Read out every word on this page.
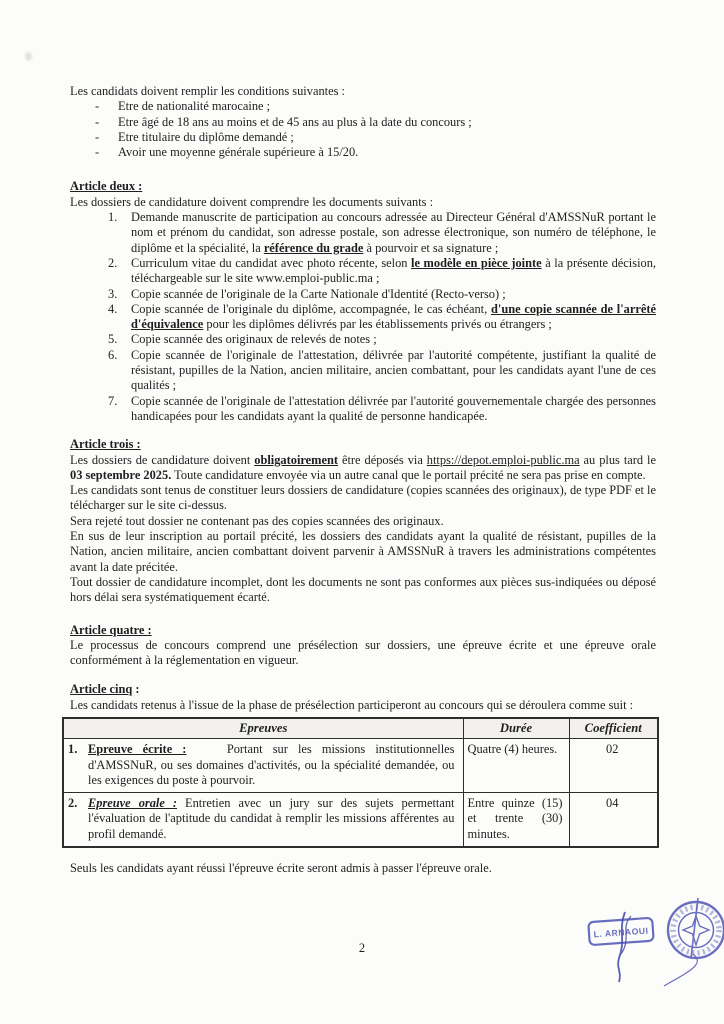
Les candidats doivent remplir les conditions suivantes :

-	Etre de nationalité marocaine ;
-	Etre âgé de 18 ans au moins et de 45 ans au plus à la date du concours ;
-	Etre titulaire du diplôme demandé ;
-	Avoir une moyenne générale supérieure à 15/20.

Article deux :

Les dossiers de candidature doivent comprendre les documents suivants :

1.	Demande manuscrite de participation au concours adressée au Directeur Général d'AMSSNuR portant le nom et prénom du candidat, son adresse postale, son adresse électronique, son numéro de téléphone, le diplôme et la spécialité, la référence du grade à pourvoir et sa signature ;
2.	Curriculum vitae du candidat avec photo récente, selon le modèle en pièce jointe à la présente décision, téléchargeable sur le site www.emploi-public.ma ;
3.	Copie scannée de l'originale de la Carte Nationale d'Identité (Recto-verso) ;
4.	Copie scannée de l'originale du diplôme, accompagnée, le cas échéant, d'une copie scannée de l'arrêté d'équivalence pour les diplômes délivrés par les établissements privés ou étrangers ;
5.	Copie scannée des originaux de relevés de notes ;
6.	Copie scannée de l'originale de l'attestation, délivrée par l'autorité compétente, justifiant la qualité de résistant, pupilles de la Nation, ancien militaire, ancien combattant, pour les candidats ayant l'une de ces qualités ;
7.	Copie scannée de l'originale de l'attestation délivrée par l'autorité gouvernementale chargée des personnes handicapées pour les candidats ayant la qualité de personne handicapée.

Article trois :

Les dossiers de candidature doivent obligatoirement être déposés via https://depot.emploi-public.ma au plus tard le 03 septembre 2025. Toute candidature envoyée via un autre canal que le portail précité ne sera pas prise en compte.

Les candidats sont tenus de constituer leurs dossiers de candidature (copies scannées des originaux), de type PDF et le télécharger sur le site ci-dessus.

Sera rejeté tout dossier ne contenant pas des copies scannées des originaux.

En sus de leur inscription au portail précité, les dossiers des candidats ayant la qualité de résistant, pupilles de la Nation, ancien militaire, ancien combattant doivent parvenir à AMSSNuR à travers les administrations compétentes avant la date précitée.

Tout dossier de candidature incomplet, dont les documents ne sont pas conformes aux pièces sus-indiquées ou déposé hors délai sera systématiquement écarté.

Article quatre :

Le processus de concours comprend une présélection sur dossiers, une épreuve écrite et une épreuve orale conformément à la réglementation en vigueur.

Article cinq :

Les candidats retenus à l'issue de la phase de présélection participeront au concours qui se déroulera comme suit :

Epreuves	Durée	Coefficient

1. Epreuve écrite :    Portant sur les missions institutionnelles d'AMSSNuR, ou ses domaines d'activités, ou la spécialité demandée, ou les exigences du poste à pourvoir.	Quatre (4) heures.	02

2. Epreuve orale : Entretien avec un jury sur des sujets permettant l'évaluation de l'aptitude du candidat à remplir les missions afférentes au profil demandé.	Entre quinze (15) et trente (30) minutes.	04

Seuls les candidats ayant réussi l'épreuve écrite seront admis à passer l'épreuve orale.

2
L. ARNAOUI
